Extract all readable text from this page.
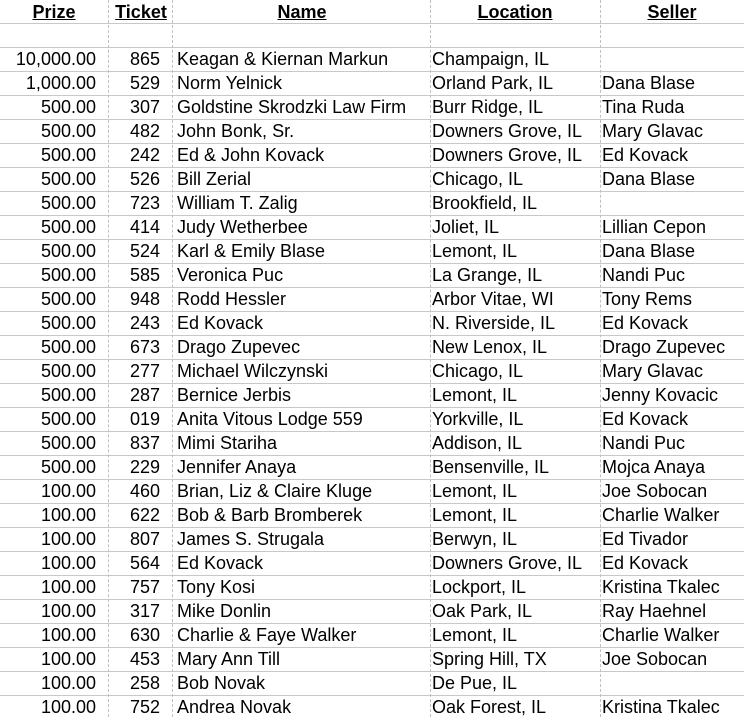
Prize	Ticket	Name	Location	Seller
10,000.00	865 Keagan & Kiernan Markun	Champaign, IL
1,000.00	529 Norm Yelnick	Orland Park, IL	Dana Blase
500.00	307 Goldstine Skrodzki Law Firm	Burr Ridge, IL	Tina Ruda
500.00	482 John Bonk, Sr.	Downers Grove, IL	Mary Glavac
500.00	242 Ed & John Kovack	Downers Grove, IL	Ed Kovack
500.00	526 Bill Zerial	Chicago, IL	Dana Blase
500.00	723 William T. Zalig	Brookfield, IL
500.00	414 Judy Wetherbee	Joliet, IL	Lillian Cepon
500.00	524 Karl & Emily Blase	Lemont, IL	Dana Blase
500.00	585 Veronica Puc	La Grange, IL	Nandi Puc
500.00	948 Rodd Hessler	Arbor Vitae, WI	Tony Rems
500.00	243 Ed Kovack	N. Riverside, IL	Ed Kovack
500.00	673 Drago Zupevec	New Lenox, IL	Drago Zupevec
500.00	277 Michael Wilczynski	Chicago, IL	Mary Glavac
500.00	287 Bernice Jerbis	Lemont, IL	Jenny Kovacic
500.00	019 Anita Vitous Lodge 559	Yorkville, IL	Ed Kovack
500.00	837 Mimi Stariha	Addison, IL	Nandi Puc
500.00	229 Jennifer Anaya	Bensenville, IL	Mojca Anaya
100.00	460 Brian, Liz & Claire Kluge	Lemont, IL	Joe Sobocan
100.00	622 Bob & Barb Bromberek	Lemont, IL	Charlie Walker
100.00	807 James S. Strugala	Berwyn, IL	Ed Tivador
100.00	564 Ed Kovack	Downers Grove, IL	Ed Kovack
100.00	757 Tony Kosi	Lockport, IL	Kristina Tkalec
100.00	317 Mike Donlin	Oak Park, IL	Ray Haehnel
100.00	630 Charlie & Faye Walker	Lemont, IL	Charlie Walker
100.00	453 Mary Ann Till	Spring Hill, TX	Joe Sobocan
100.00	258 Bob Novak	De Pue, IL
100.00	752 Andrea Novak	Oak Forest, IL	Kristina Tkalec
